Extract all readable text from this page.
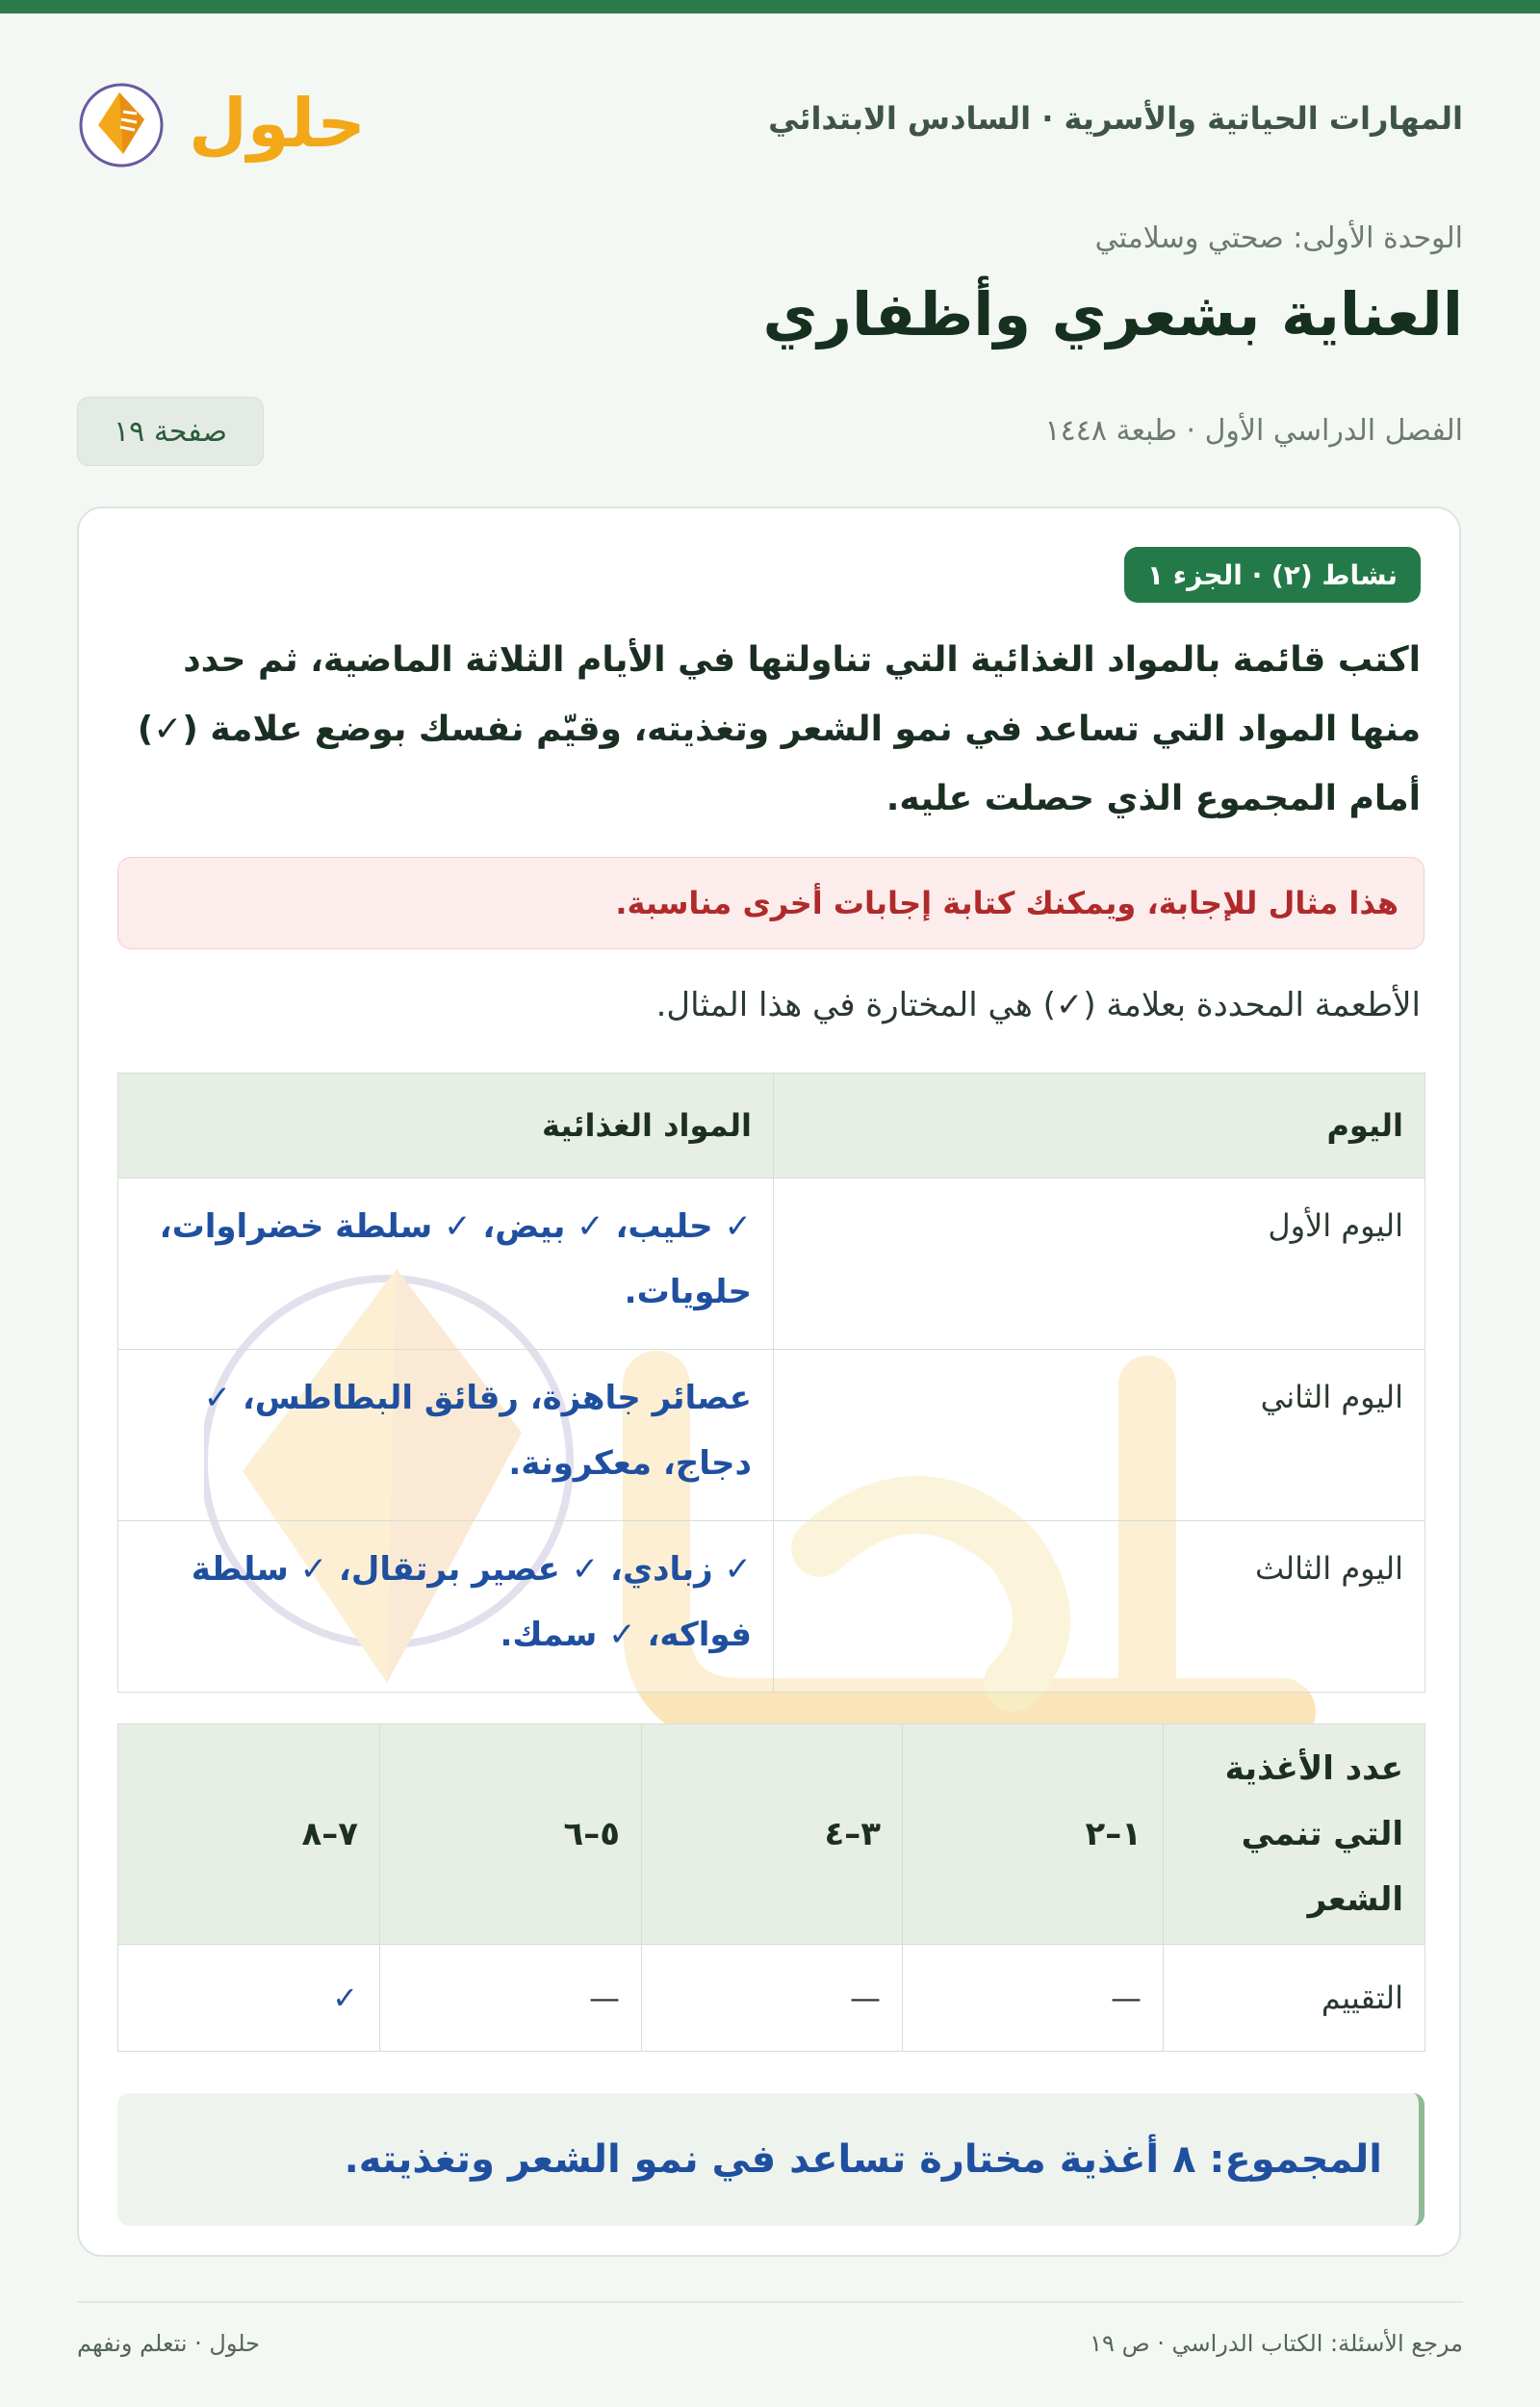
حلول	المهارات الحياتية والأسرية · السادس الابتدائي
الوحدة الأولى: صحتي وسلامتي
العناية بشعري وأظفاري
الفصل الدراسي الأول · طبعة ١٤٤٨
صفحة ١٩
نشاط (٢) · الجزء ١

اكتب قائمة بالمواد الغذائية التي تناولتها في الأيام الثلاثة الماضية، ثم حدد منها المواد التي تساعد في نمو الشعر وتغذيته، وقيّم نفسك بوضع علامة (✓) أمام المجموع الذي حصلت عليه.

هذا مثال للإجابة، ويمكنك كتابة إجابات أخرى مناسبة.
الأطعمة المحددة بعلامة (✓) هي المختارة في هذا المثال.
اليوم	المواد الغذائية
اليوم الأول	✓ حليب، ✓ بيض، ✓ سلطة خضراوات، حلويات.
اليوم الثاني	عصائر جاهزة، رقائق البطاطس، ✓ دجاج، معكرونة.
اليوم الثالث	✓ زبادي، ✓ عصير برتقال، ✓ سلطة فواكه، ✓ سمك.
عدد الأغذية التي تنمي الشعر	١–٢	٣–٤	٥–٦	٧–٨
التقييم	—	—	—	✓
المجموع: ٨ أغذية مختارة تساعد في نمو الشعر وتغذيته.
مرجع الأسئلة: الكتاب الدراسي · ص ١٩
حلول · نتعلم ونفهم
